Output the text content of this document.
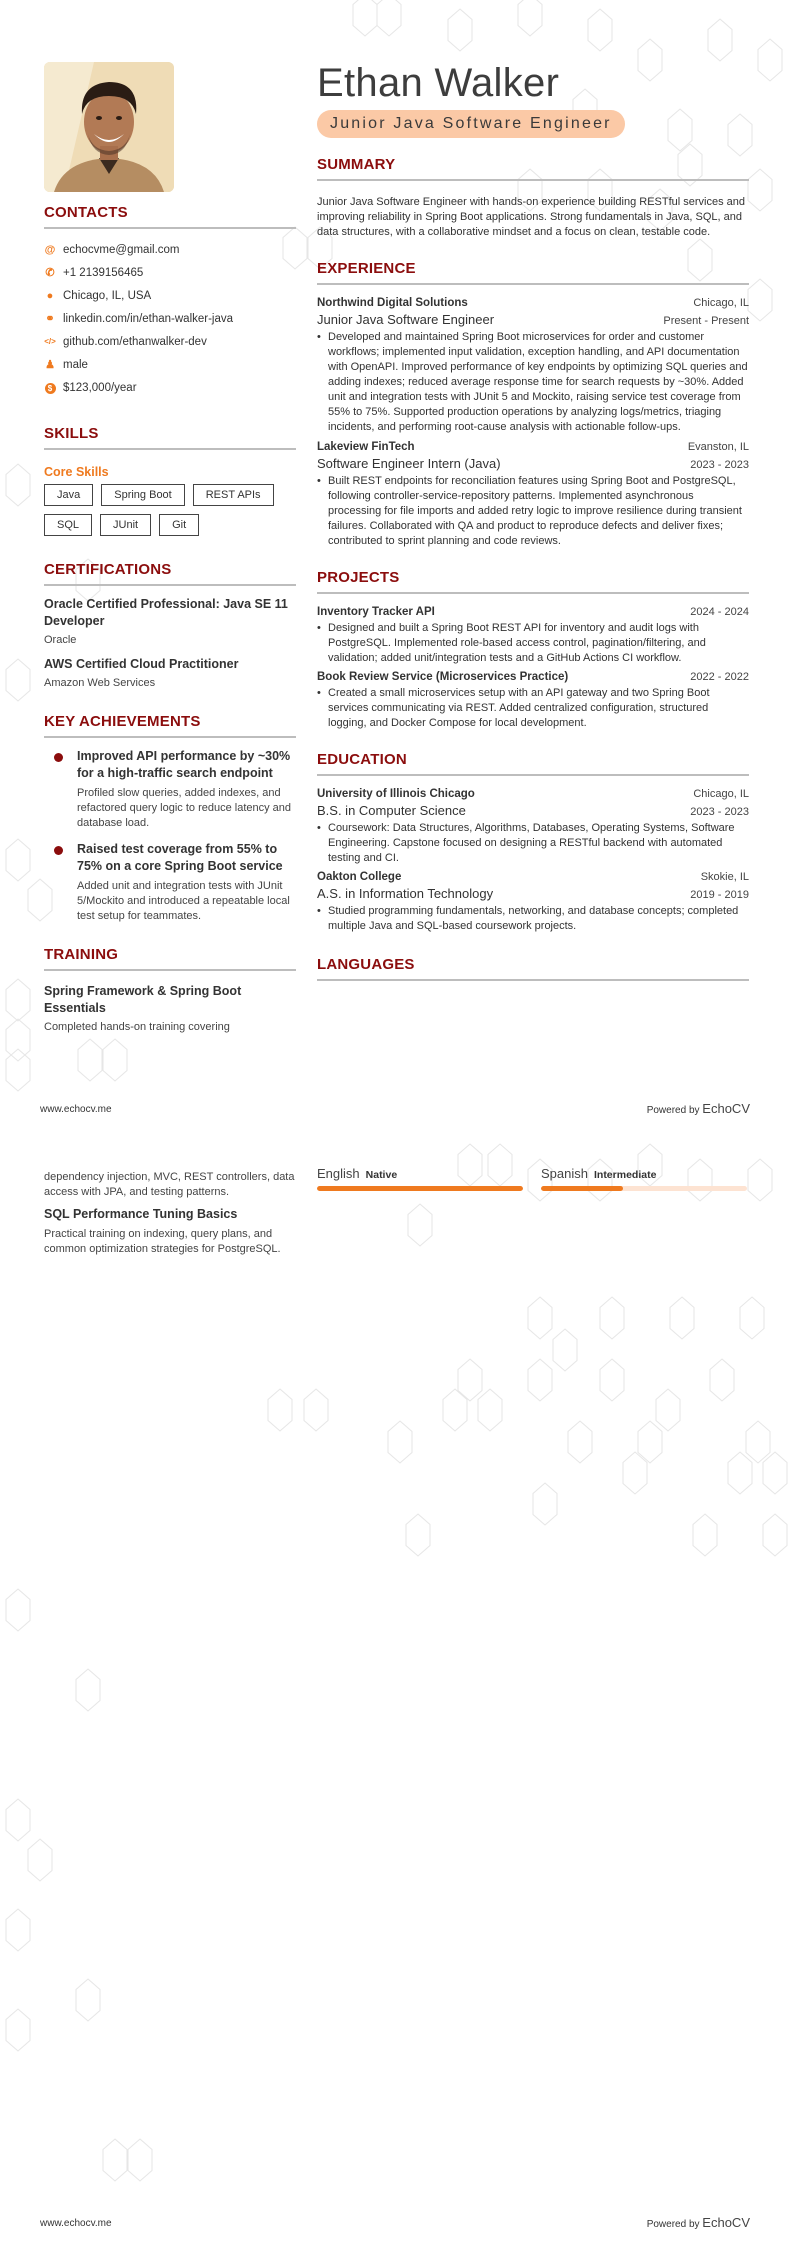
CONTACTS
@ echocvme@gmail.com
✆ +1 2139156465
● Chicago, IL, USA
⚭ linkedin.com/in/ethan-walker-java
</> github.com/ethanwalker-dev
♟ male
$ $123,000/year
SKILLS
Core Skills
Java	Spring Boot	REST APIs
SQL	JUnit	Git
CERTIFICATIONS
Oracle Certified Professional: Java SE 11 Developer
Oracle
AWS Certified Cloud Practitioner
Amazon Web Services
KEY ACHIEVEMENTS
Improved API performance by ~30% for a high-traffic search endpoint
Profiled slow queries, added indexes, and refactored query logic to reduce latency and database load.
Raised test coverage from 55% to 75% on a core Spring Boot service
Added unit and integration tests with JUnit 5/Mockito and introduced a repeatable local test setup for teammates.
TRAINING
Spring Framework & Spring Boot Essentials
Completed hands-on training covering
Ethan Walker
Junior Java Software Engineer
SUMMARY

Junior Java Software Engineer with hands-on experience building RESTful services and improving reliability in Spring Boot applications. Strong fundamentals in Java, SQL, and data structures, with a collaborative mindset and a focus on clean, testable code.

EXPERIENCE
Northwind Digital Solutions	Chicago, IL
Junior Java Software Engineer	Present - Present
• Developed and maintained Spring Boot microservices for order and customer workflows; implemented input validation, exception handling, and API documentation with OpenAPI. Improved performance of key endpoints by optimizing SQL queries and adding indexes; reduced average response time for search requests by ~30%. Added unit and integration tests with JUnit 5 and Mockito, raising service test coverage from 55% to 75%. Supported production operations by analyzing logs/metrics, triaging incidents, and performing root-cause analysis with actionable follow-ups.
Lakeview FinTech	Evanston, IL
Software Engineer Intern (Java)	2023 - 2023
• Built REST endpoints for reconciliation features using Spring Boot and PostgreSQL, following controller-service-repository patterns. Implemented asynchronous processing for file imports and added retry logic to improve resilience during transient failures. Collaborated with QA and product to reproduce defects and deliver fixes; contributed to sprint planning and code reviews.
PROJECTS
Inventory Tracker API	2024 - 2024
• Designed and built a Spring Boot REST API for inventory and audit logs with PostgreSQL. Implemented role-based access control, pagination/filtering, and validation; added unit/integration tests and a GitHub Actions CI workflow.
Book Review Service (Microservices Practice)	2022 - 2022
• Created a small microservices setup with an API gateway and two Spring Boot services communicating via REST. Added centralized configuration, structured logging, and Docker Compose for local development.
EDUCATION
University of Illinois Chicago	Chicago, IL
B.S. in Computer Science	2023 - 2023
• Coursework: Data Structures, Algorithms, Databases, Operating Systems, Software Engineering. Capstone focused on designing a RESTful backend with automated testing and CI.
Oakton College	Skokie, IL
A.S. in Information Technology	2019 - 2019
• Studied programming fundamentals, networking, and database concepts; completed multiple Java and SQL-based coursework projects.
LANGUAGES
www.echocv.me	Powered by EchoCV
dependency injection, MVC, REST controllers, data access with JPA, and testing patterns.
SQL Performance Tuning Basics
Practical training on indexing, query plans, and common optimization strategies for PostgreSQL.
English Native	Spanish Intermediate
www.echocv.me	Powered by EchoCV
